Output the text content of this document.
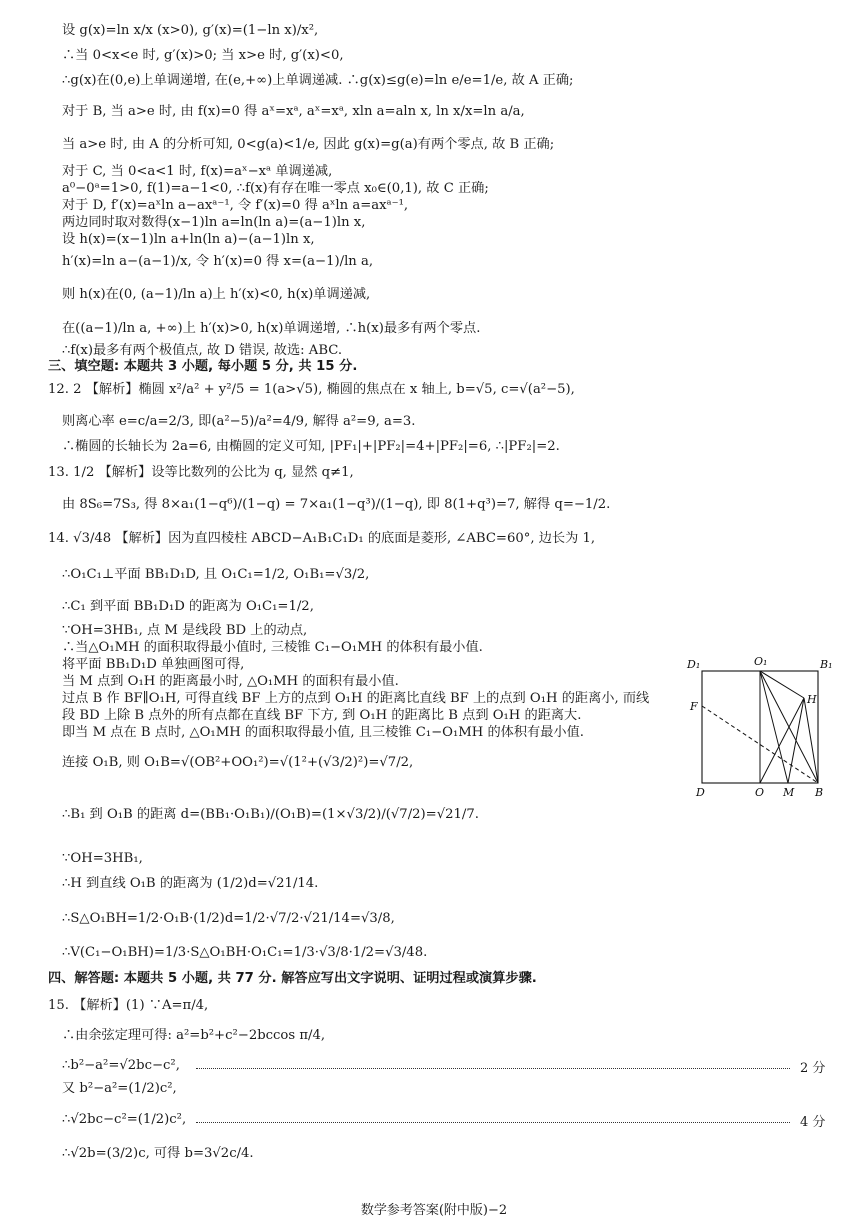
设 g(x)=ln x/x (x>0), g′(x)=(1−ln x)/x²,
∴当 0<x<e 时, g′(x)>0; 当 x>e 时, g′(x)<0,
∴g(x)在(0,e)上单调递增, 在(e,+∞)上单调递减. ∴g(x)≤g(e)=ln e/e=1/e, 故 A 正确;
对于 B, 当 a>e 时, 由 f(x)=0 得 aˣ=xᵃ, aˣ=xᵃ, xln a=aln x, ln x/x=ln a/a,
当 a>e 时, 由 A 的分析可知, 0<g(a)<1/e, 因此 g(x)=g(a)有两个零点, 故 B 正确;
对于 C, 当 0<a<1 时, f(x)=aˣ−xᵃ 单调递减,
a⁰−0ᵃ=1>0, f(1)=a−1<0, ∴f(x)有存在唯一零点 x₀∈(0,1), 故 C 正确;
对于 D, f′(x)=aˣln a−axᵃ⁻¹, 令 f′(x)=0 得 aˣln a=axᵃ⁻¹,
两边同时取对数得(x−1)ln a=ln(ln a)=(a−1)ln x,
设 h(x)=(x−1)ln a+ln(ln a)−(a−1)ln x,
h′(x)=ln a−(a−1)/x, 令 h′(x)=0 得 x=(a−1)/ln a,
则 h(x)在(0, (a−1)/ln a)上 h′(x)<0, h(x)单调递减,
在((a−1)/ln a, +∞)上 h′(x)>0, h(x)单调递增, ∴h(x)最多有两个零点.
∴f(x)最多有两个极值点, 故 D 错误, 故选: ABC.
三、填空题: 本题共 3 小题, 每小题 5 分, 共 15 分.
12. 2 【解析】椭圆 x²/a² + y²/5 = 1(a>√5), 椭圆的焦点在 x 轴上, b=√5, c=√(a²−5),
则离心率 e=c/a=2/3, 即(a²−5)/a²=4/9, 解得 a²=9, a=3.
∴椭圆的长轴长为 2a=6, 由椭圆的定义可知, |PF₁|+|PF₂|=4+|PF₂|=6, ∴|PF₂|=2.
13. 1/2 【解析】设等比数列的公比为 q, 显然 q≠1,
由 8S₆=7S₃, 得 8×a₁(1−q⁶)/(1−q) = 7×a₁(1−q³)/(1−q), 即 8(1+q³)=7, 解得 q=−1/2.
14. √3/48 【解析】因为直四棱柱 ABCD−A₁B₁C₁D₁ 的底面是菱形, ∠ABC=60°, 边长为 1,
∴O₁C₁⊥平面 BB₁D₁D, 且 O₁C₁=1/2, O₁B₁=√3/2,
∴C₁ 到平面 BB₁D₁D 的距离为 O₁C₁=1/2,
∵OH=3HB₁, 点 M 是线段 BD 上的动点,
∴当△O₁MH 的面积取得最小值时, 三棱锥 C₁−O₁MH 的体积有最小值.
将平面 BB₁D₁D 单独画图可得,
当 M 点到 O₁H 的距离最小时, △O₁MH 的面积有最小值.
过点 B 作 BF∥O₁H, 可得直线 BF 上方的点到 O₁H 的距离比直线 BF 上的点到 O₁H 的距离小, 而线
段 BD 上除 B 点外的所有点都在直线 BF 下方, 到 O₁H 的距离比 B 点到 O₁H 的距离大.
即当 M 点在 B 点时, △O₁MH 的面积取得最小值, 且三棱锥 C₁−O₁MH 的体积有最小值.
连接 O₁B, 则 O₁B=√(OB²+OO₁²)=√(1²+(√3/2)²)=√7/2,
∴B₁ 到 O₁B 的距离 d=(BB₁·O₁B₁)/(O₁B)=(1×√3/2)/(√7/2)=√21/7.
∵OH=3HB₁,
∴H 到直线 O₁B 的距离为 (1/2)d=√21/14.
∴S△O₁BH=1/2·O₁B·(1/2)d=1/2·√7/2·√21/14=√3/8,
∴V(C₁−O₁BH)=1/3·S△O₁BH·O₁C₁=1/3·√3/8·1/2=√3/48.
四、解答题: 本题共 5 小题, 共 77 分. 解答应写出文字说明、证明过程或演算步骤.
15. 【解析】(1) ∵A=π/4,
∴由余弦定理可得: a²=b²+c²−2bccos π/4,
∴b²−a²=√2bc−c²,
又 b²−a²=(1/2)c²,
∴√2bc−c²=(1/2)c²,
∴√2b=(3/2)c, 可得 b=3√2c/4.
2 分
4 分
D₁	O₁	B₁
F
H
D	O M B
数学参考答案(附中版)−2
